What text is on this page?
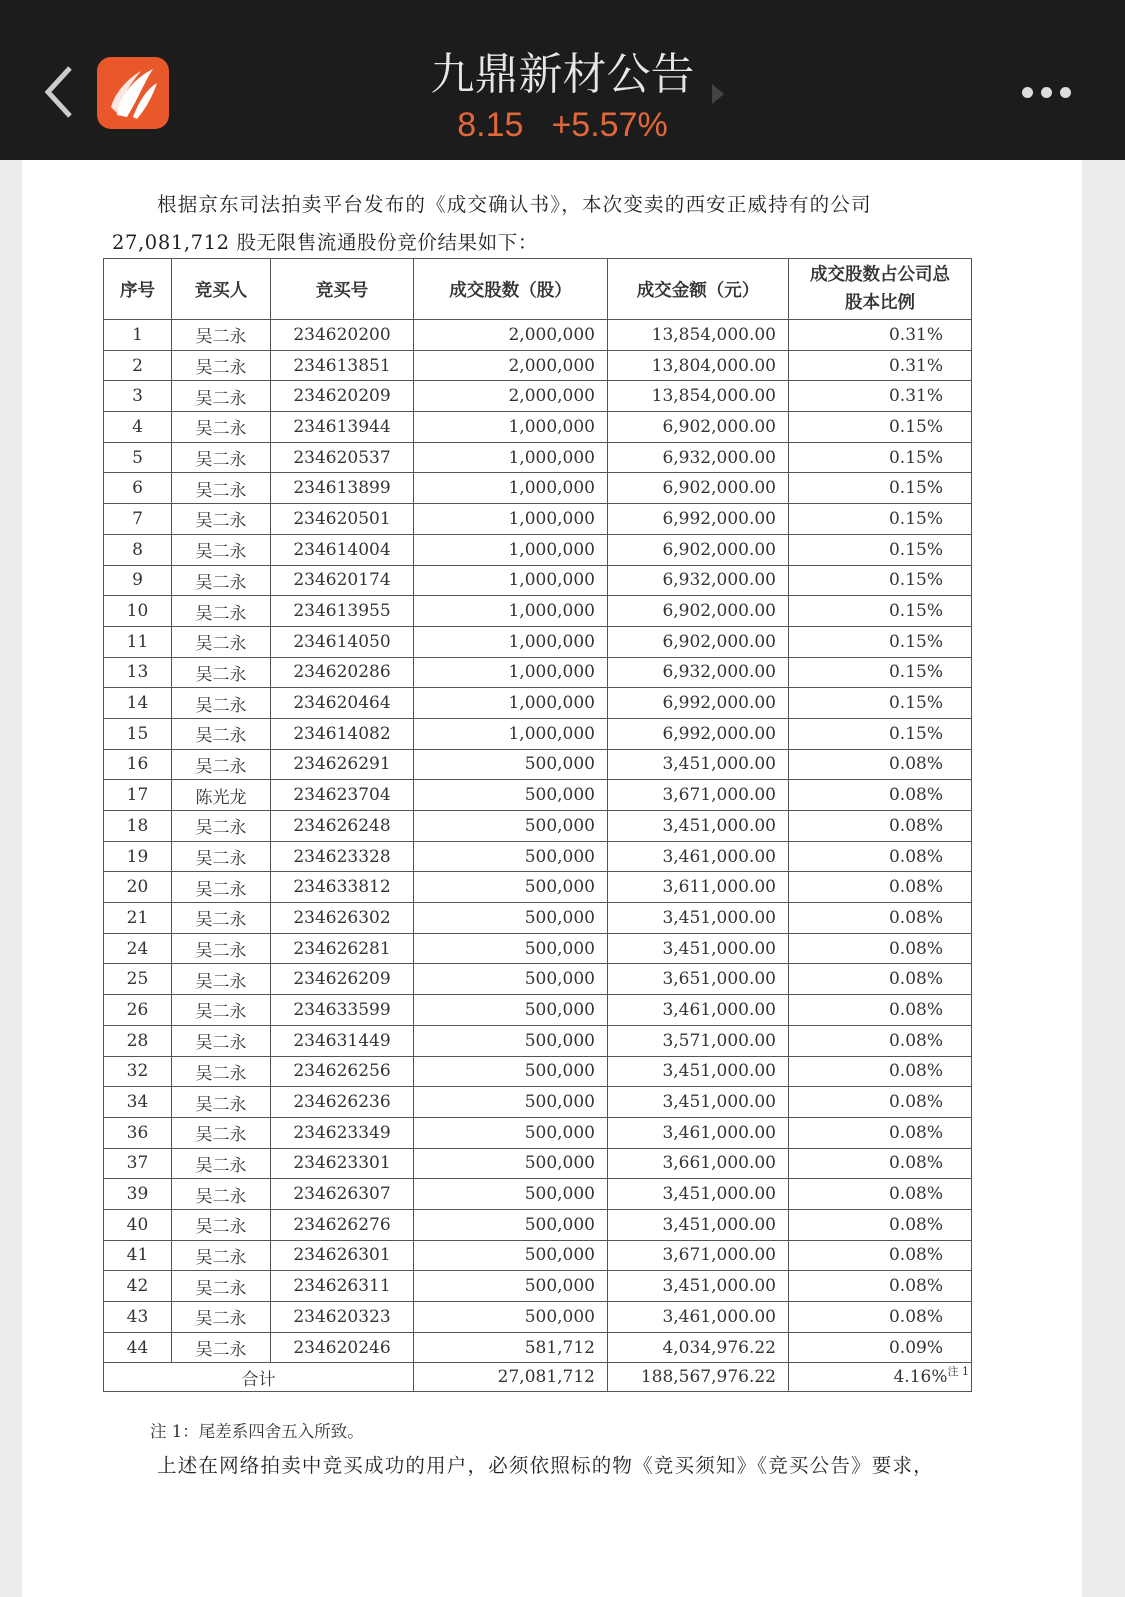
九鼎新材公告
8.15 +5.57%
根据京东司法拍卖平台发布的《成交确认书》，本次变卖的西安正威持有的公司
27,081,712 股无限售流通股份竞价结果如下：
序号	竞买人	竞买号	成交股数（股）	成交金额（元）	成交股数占公司总股本比例
1	吴二永	234620200	2,000,000	13,854,000.00	0.31%
2	吴二永	234613851	2,000,000	13,804,000.00	0.31%
3	吴二永	234620209	2,000,000	13,854,000.00	0.31%
4	吴二永	234613944	1,000,000	6,902,000.00	0.15%
5	吴二永	234620537	1,000,000	6,932,000.00	0.15%
6	吴二永	234613899	1,000,000	6,902,000.00	0.15%
7	吴二永	234620501	1,000,000	6,992,000.00	0.15%
8	吴二永	234614004	1,000,000	6,902,000.00	0.15%
9	吴二永	234620174	1,000,000	6,932,000.00	0.15%
10	吴二永	234613955	1,000,000	6,902,000.00	0.15%
11	吴二永	234614050	1,000,000	6,902,000.00	0.15%
13	吴二永	234620286	1,000,000	6,932,000.00	0.15%
14	吴二永	234620464	1,000,000	6,992,000.00	0.15%
15	吴二永	234614082	1,000,000	6,992,000.00	0.15%
16	吴二永	234626291	500,000	3,451,000.00	0.08%
17	陈光龙	234623704	500,000	3,671,000.00	0.08%
18	吴二永	234626248	500,000	3,451,000.00	0.08%
19	吴二永	234623328	500,000	3,461,000.00	0.08%
20	吴二永	234633812	500,000	3,611,000.00	0.08%
21	吴二永	234626302	500,000	3,451,000.00	0.08%
24	吴二永	234626281	500,000	3,451,000.00	0.08%
25	吴二永	234626209	500,000	3,651,000.00	0.08%
26	吴二永	234633599	500,000	3,461,000.00	0.08%
28	吴二永	234631449	500,000	3,571,000.00	0.08%
32	吴二永	234626256	500,000	3,451,000.00	0.08%
34	吴二永	234626236	500,000	3,451,000.00	0.08%
36	吴二永	234623349	500,000	3,461,000.00	0.08%
37	吴二永	234623301	500,000	3,661,000.00	0.08%
39	吴二永	234626307	500,000	3,451,000.00	0.08%
40	吴二永	234626276	500,000	3,451,000.00	0.08%
41	吴二永	234626301	500,000	3,671,000.00	0.08%
42	吴二永	234626311	500,000	3,451,000.00	0.08%
43	吴二永	234620323	500,000	3,461,000.00	0.08%
44	吴二永	234620246	581,712	4,034,976.22	0.09%
合计			27,081,712	188,567,976.22	4.16%$^{注 1}$
注 1：尾差系四舍五入所致。
上述在网络拍卖中竞买成功的用户，必须依照标的物《竞买须知》《竞买公告》要求，
